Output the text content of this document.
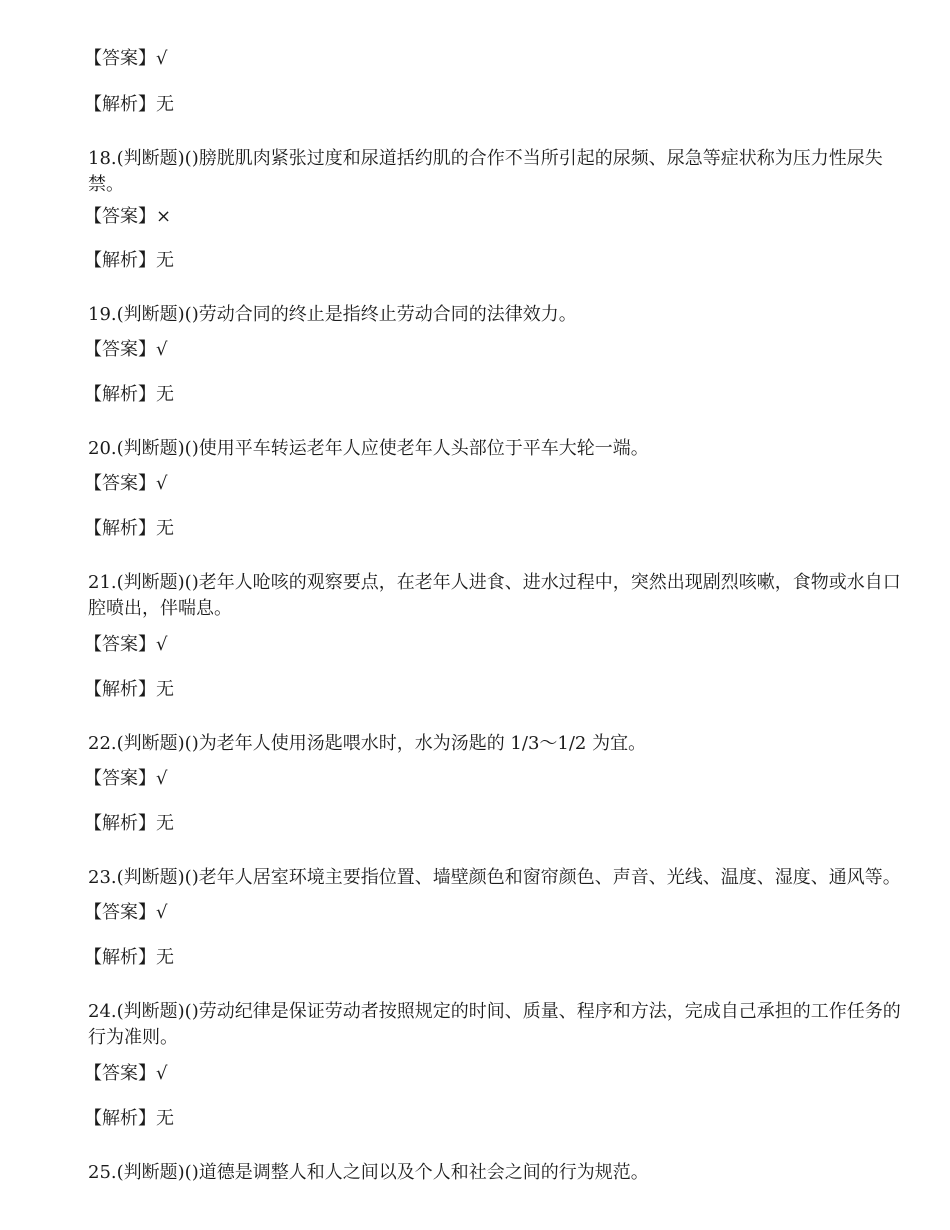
【答案】√
【解析】无
18.(判断题)()膀胱肌肉紧张过度和尿道括约肌的合作不当所引起的尿频、尿急等症状称为压力性尿失禁。
【答案】×
【解析】无
19.(判断题)()劳动合同的终止是指终止劳动合同的法律效力。
【答案】√
【解析】无
20.(判断题)()使用平车转运老年人应使老年人头部位于平车大轮一端。
【答案】√
【解析】无
21.(判断题)()老年人呛咳的观察要点，在老年人进食、进水过程中，突然出现剧烈咳嗽，食物或水自口腔喷出，伴喘息。
【答案】√
【解析】无
22.(判断题)()为老年人使用汤匙喂水时，水为汤匙的 1/3～1/2 为宜。
【答案】√
【解析】无
23.(判断题)()老年人居室环境主要指位置、墙壁颜色和窗帘颜色、声音、光线、温度、湿度、通风等。
【答案】√
【解析】无
24.(判断题)()劳动纪律是保证劳动者按照规定的时间、质量、程序和方法，完成自己承担的工作任务的行为准则。
【答案】√
【解析】无
25.(判断题)()道德是调整人和人之间以及个人和社会之间的行为规范。
